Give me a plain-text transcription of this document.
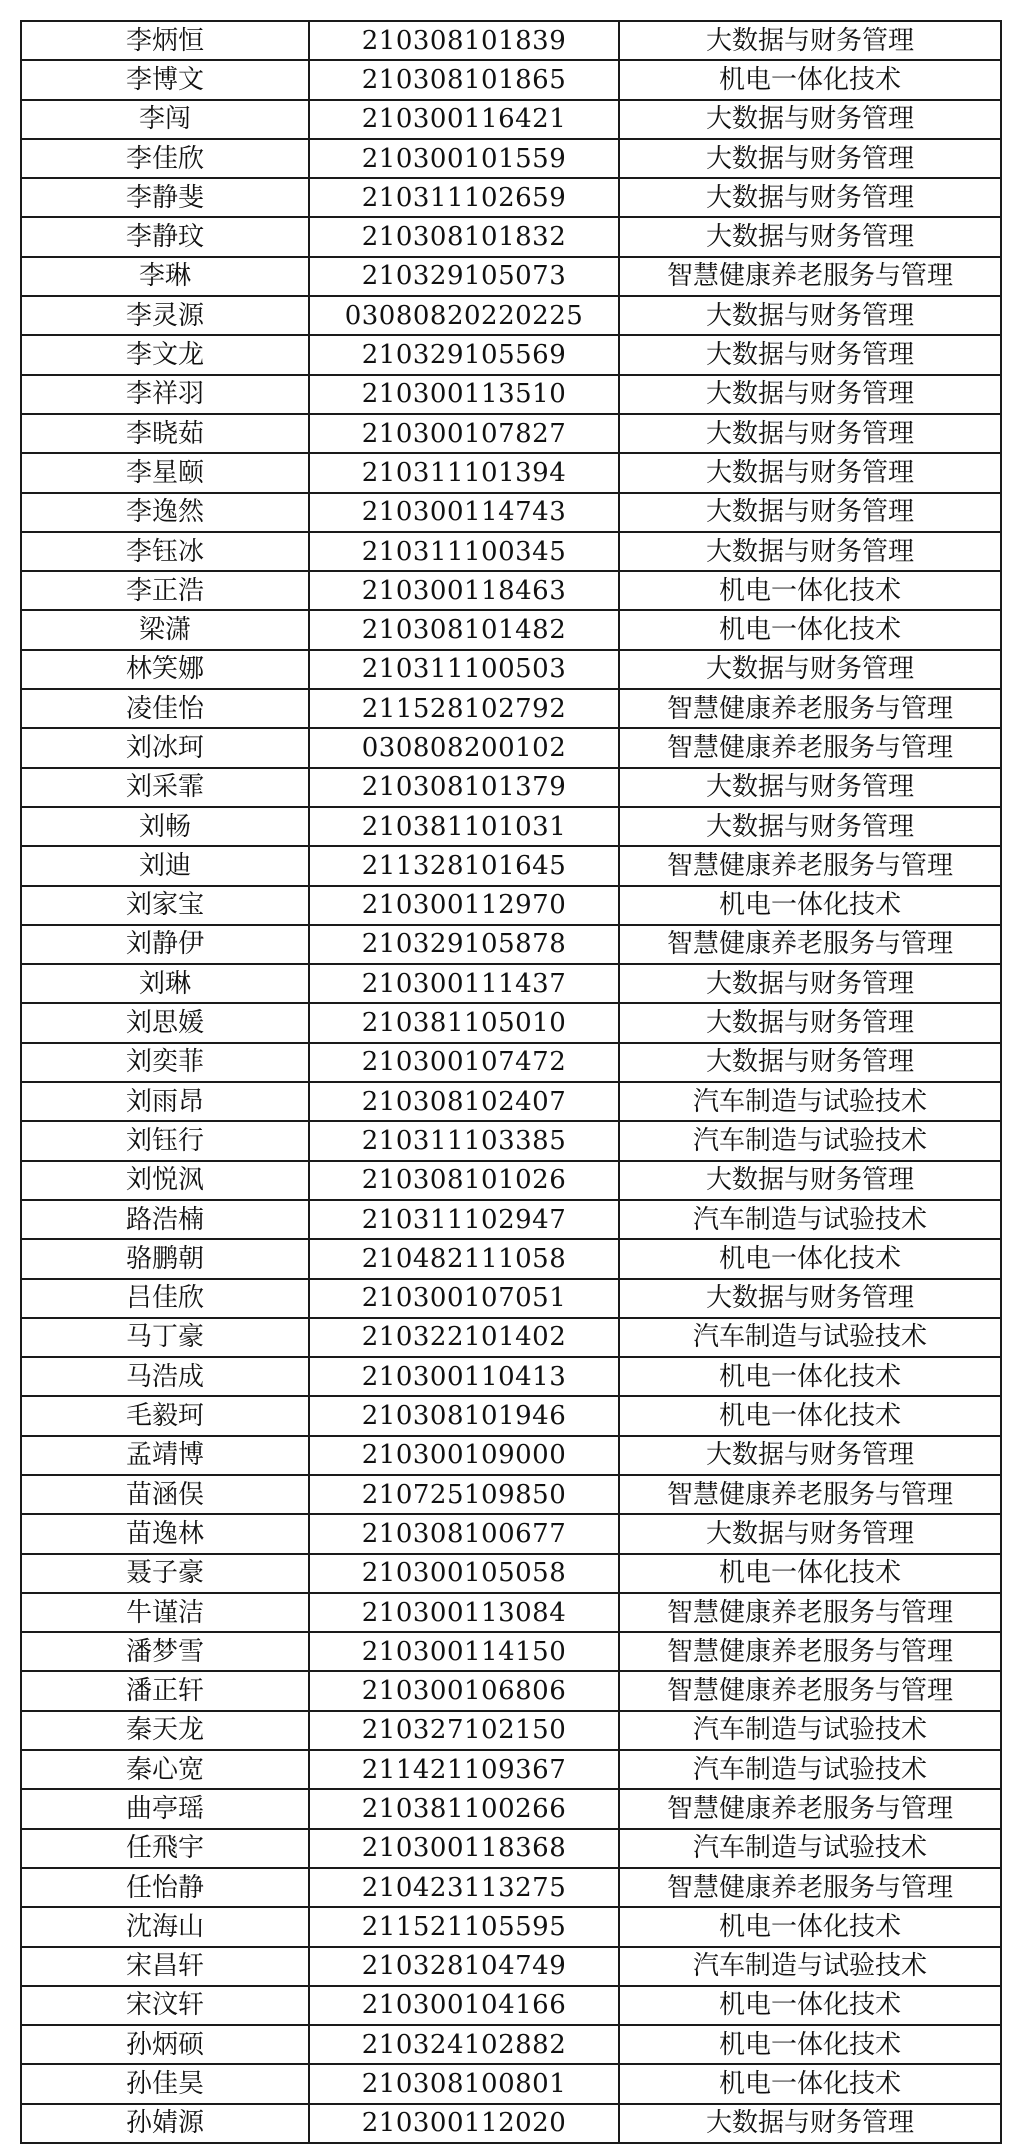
李炳恒	210308101839	大数据与财务管理
李博文	210308101865	机电一体化技术
李闯	210300116421	大数据与财务管理
李佳欣	210300101559	大数据与财务管理
李静斐	210311102659	大数据与财务管理
李静玟	210308101832	大数据与财务管理
李琳	210329105073	智慧健康养老服务与管理
李灵源	03080820220225	大数据与财务管理
李文龙	210329105569	大数据与财务管理
李祥羽	210300113510	大数据与财务管理
李晓茹	210300107827	大数据与财务管理
李星颐	210311101394	大数据与财务管理
李逸然	210300114743	大数据与财务管理
李钰冰	210311100345	大数据与财务管理
李正浩	210300118463	机电一体化技术
梁潇	210308101482	机电一体化技术
林笑娜	210311100503	大数据与财务管理
凌佳怡	211528102792	智慧健康养老服务与管理
刘冰珂	030808200102	智慧健康养老服务与管理
刘采霏	210308101379	大数据与财务管理
刘畅	210381101031	大数据与财务管理
刘迪	211328101645	智慧健康养老服务与管理
刘家宝	210300112970	机电一体化技术
刘静伊	210329105878	智慧健康养老服务与管理
刘琳	210300111437	大数据与财务管理
刘思媛	210381105010	大数据与财务管理
刘奕菲	210300107472	大数据与财务管理
刘雨昂	210308102407	汽车制造与试验技术
刘钰行	210311103385	汽车制造与试验技术
刘悦沨	210308101026	大数据与财务管理
路浩楠	210311102947	汽车制造与试验技术
骆鹏朝	210482111058	机电一体化技术
吕佳欣	210300107051	大数据与财务管理
马丁豪	210322101402	汽车制造与试验技术
马浩成	210300110413	机电一体化技术
毛毅珂	210308101946	机电一体化技术
孟靖博	210300109000	大数据与财务管理
苗涵俣	210725109850	智慧健康养老服务与管理
苗逸林	210308100677	大数据与财务管理
聂子豪	210300105058	机电一体化技术
牛谨洁	210300113084	智慧健康养老服务与管理
潘梦雪	210300114150	智慧健康养老服务与管理
潘正轩	210300106806	智慧健康养老服务与管理
秦天龙	210327102150	汽车制造与试验技术
秦心宽	211421109367	汽车制造与试验技术
曲亭瑶	210381100266	智慧健康养老服务与管理
任飛宇	210300118368	汽车制造与试验技术
任怡静	210423113275	智慧健康养老服务与管理
沈海山	211521105595	机电一体化技术
宋昌轩	210328104749	汽车制造与试验技术
宋汶轩	210300104166	机电一体化技术
孙炳硕	210324102882	机电一体化技术
孙佳昊	210308100801	机电一体化技术
孙婧源	210300112020	大数据与财务管理
